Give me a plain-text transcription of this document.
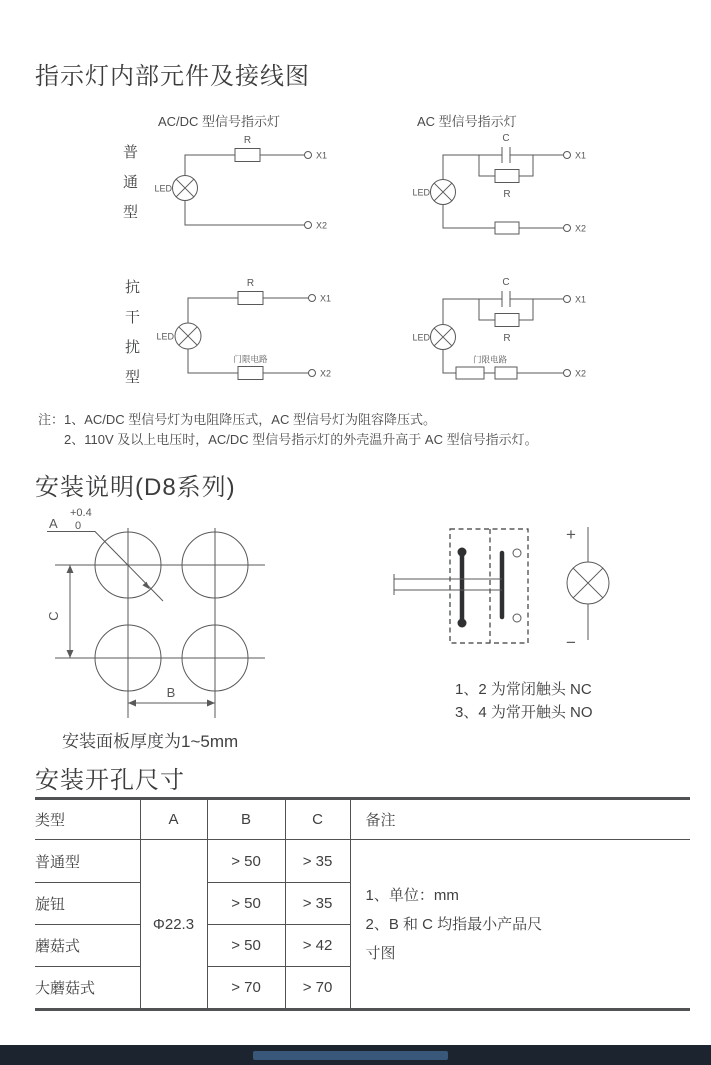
指示灯内部元件及接线图
AC/DC 型信号指示灯	AC 型信号指示灯
普通型
抗干扰型
R
LED
X1
X2
C
R
LED
X1
X2
R
门限电路
LED
X1
X2
C
R
门限电路
LED
X1
X2
注：1、AC/DC 型信号灯为电阻降压式，AC 型信号灯为阻容降压式。
2、110V 及以上电压时，AC/DC 型信号指示灯的外壳温升高于 AC 型信号指示灯。
安装说明(D8系列)
A
+0.4
0
C
B
安装面板厚度为1~5mm
+
−
1、2 为常闭触头 NC
3、4 为常开触头 NO
安装开孔尺寸
类型	A	B	C	备注
普通型	Φ22.3	> 50	> 35	1、单位：mm
2、B 和 C 均指最小产品尺寸图

旋钮		> 50	> 35	
蘑菇式		> 50	> 42	
大蘑菇式		> 70	> 70	
